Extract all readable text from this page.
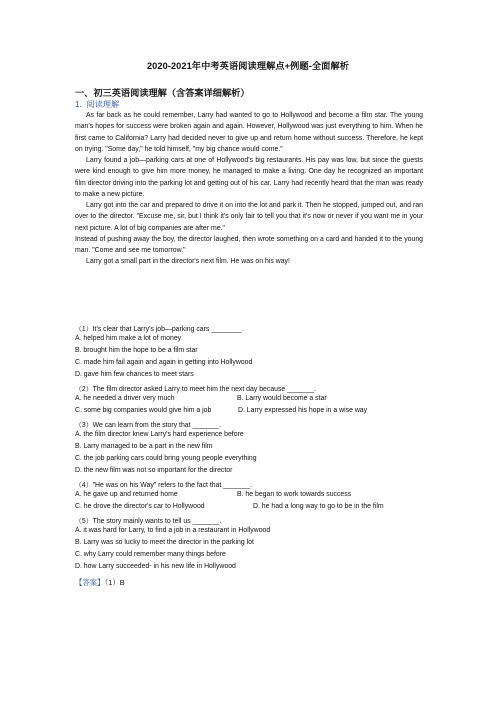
2020-2021年中考英语阅读理解点+例题-全面解析
一、初三英语阅读理解（含答案详细解析）
1. 阅读理解

As far back as he could remember, Larry had wanted to go to Hollywood and become a film star. The young man's hopes for success were broken again and again. However, Hollywood was just everything to him. When he first came to California? Larry had decided never to give up and return home without success. Therefore, he kept on trying. "Some day," he told himself, "my big chance would come."

Larry found a job—parking cars at one of Hollywood's big restaurants. His pay was low, but since the guests were kind enough to give him more money, he managed to make a living. One day he recognized an important film director driving into the parking lot and getting out of his car. Larry had recently heard that the man was ready to make a new picture.

Larry got into the car and prepared to drive it on into the lot and park it. Then he stopped, jumped out, and ran over to the director. "Excuse me, sir, but I think it's only fair to tell you that it's now or never if you want me in your next picture. A lot of big companies are after me."

Instead of pushing away the boy, the director laughed, then wrote something on a card and handed it to the young man. "Come and see me tomorrow."

Larry got a small part in the director's next film. He was on his way!

（1）It's clear that Larry's job—parking cars ________.
A. helped him make a lot of money
B. brought him the hope to be a film star
C. made him fail again and again in getting into Hollywood
D. gave him few chances to meet stars
（2）The film director asked Larry to meet him the next day because _______.
A. he needed a driver very much	B. Larry would become a star
C. some big companies would give him a job	D. Larry expressed his hope in a wise way
（3）We can learn from the story that _______.
A. the film director knew Larry's hard experience before
B. Larry managed to be a part in the new film
C. the job parking cars could bring young people everything
D. the new film was not so important for the director
（4）"He was on his Way" refers to the fact that _______.
A. he gave up and returned home	B. he began to work towards success
C. he drove the director's car to Hollywood	D. he had a long way to go to be in the film
（5）The story mainly wants to tell us _______.
A. it was hard for Larry, to find a job in a restaurant in Hollywood
B. Larry was so lucky to meet the director in the parking lot
C. why Larry could remember many things before
D. how Larry succeeded- in his new life in Hollywood
【答案】（1）B
